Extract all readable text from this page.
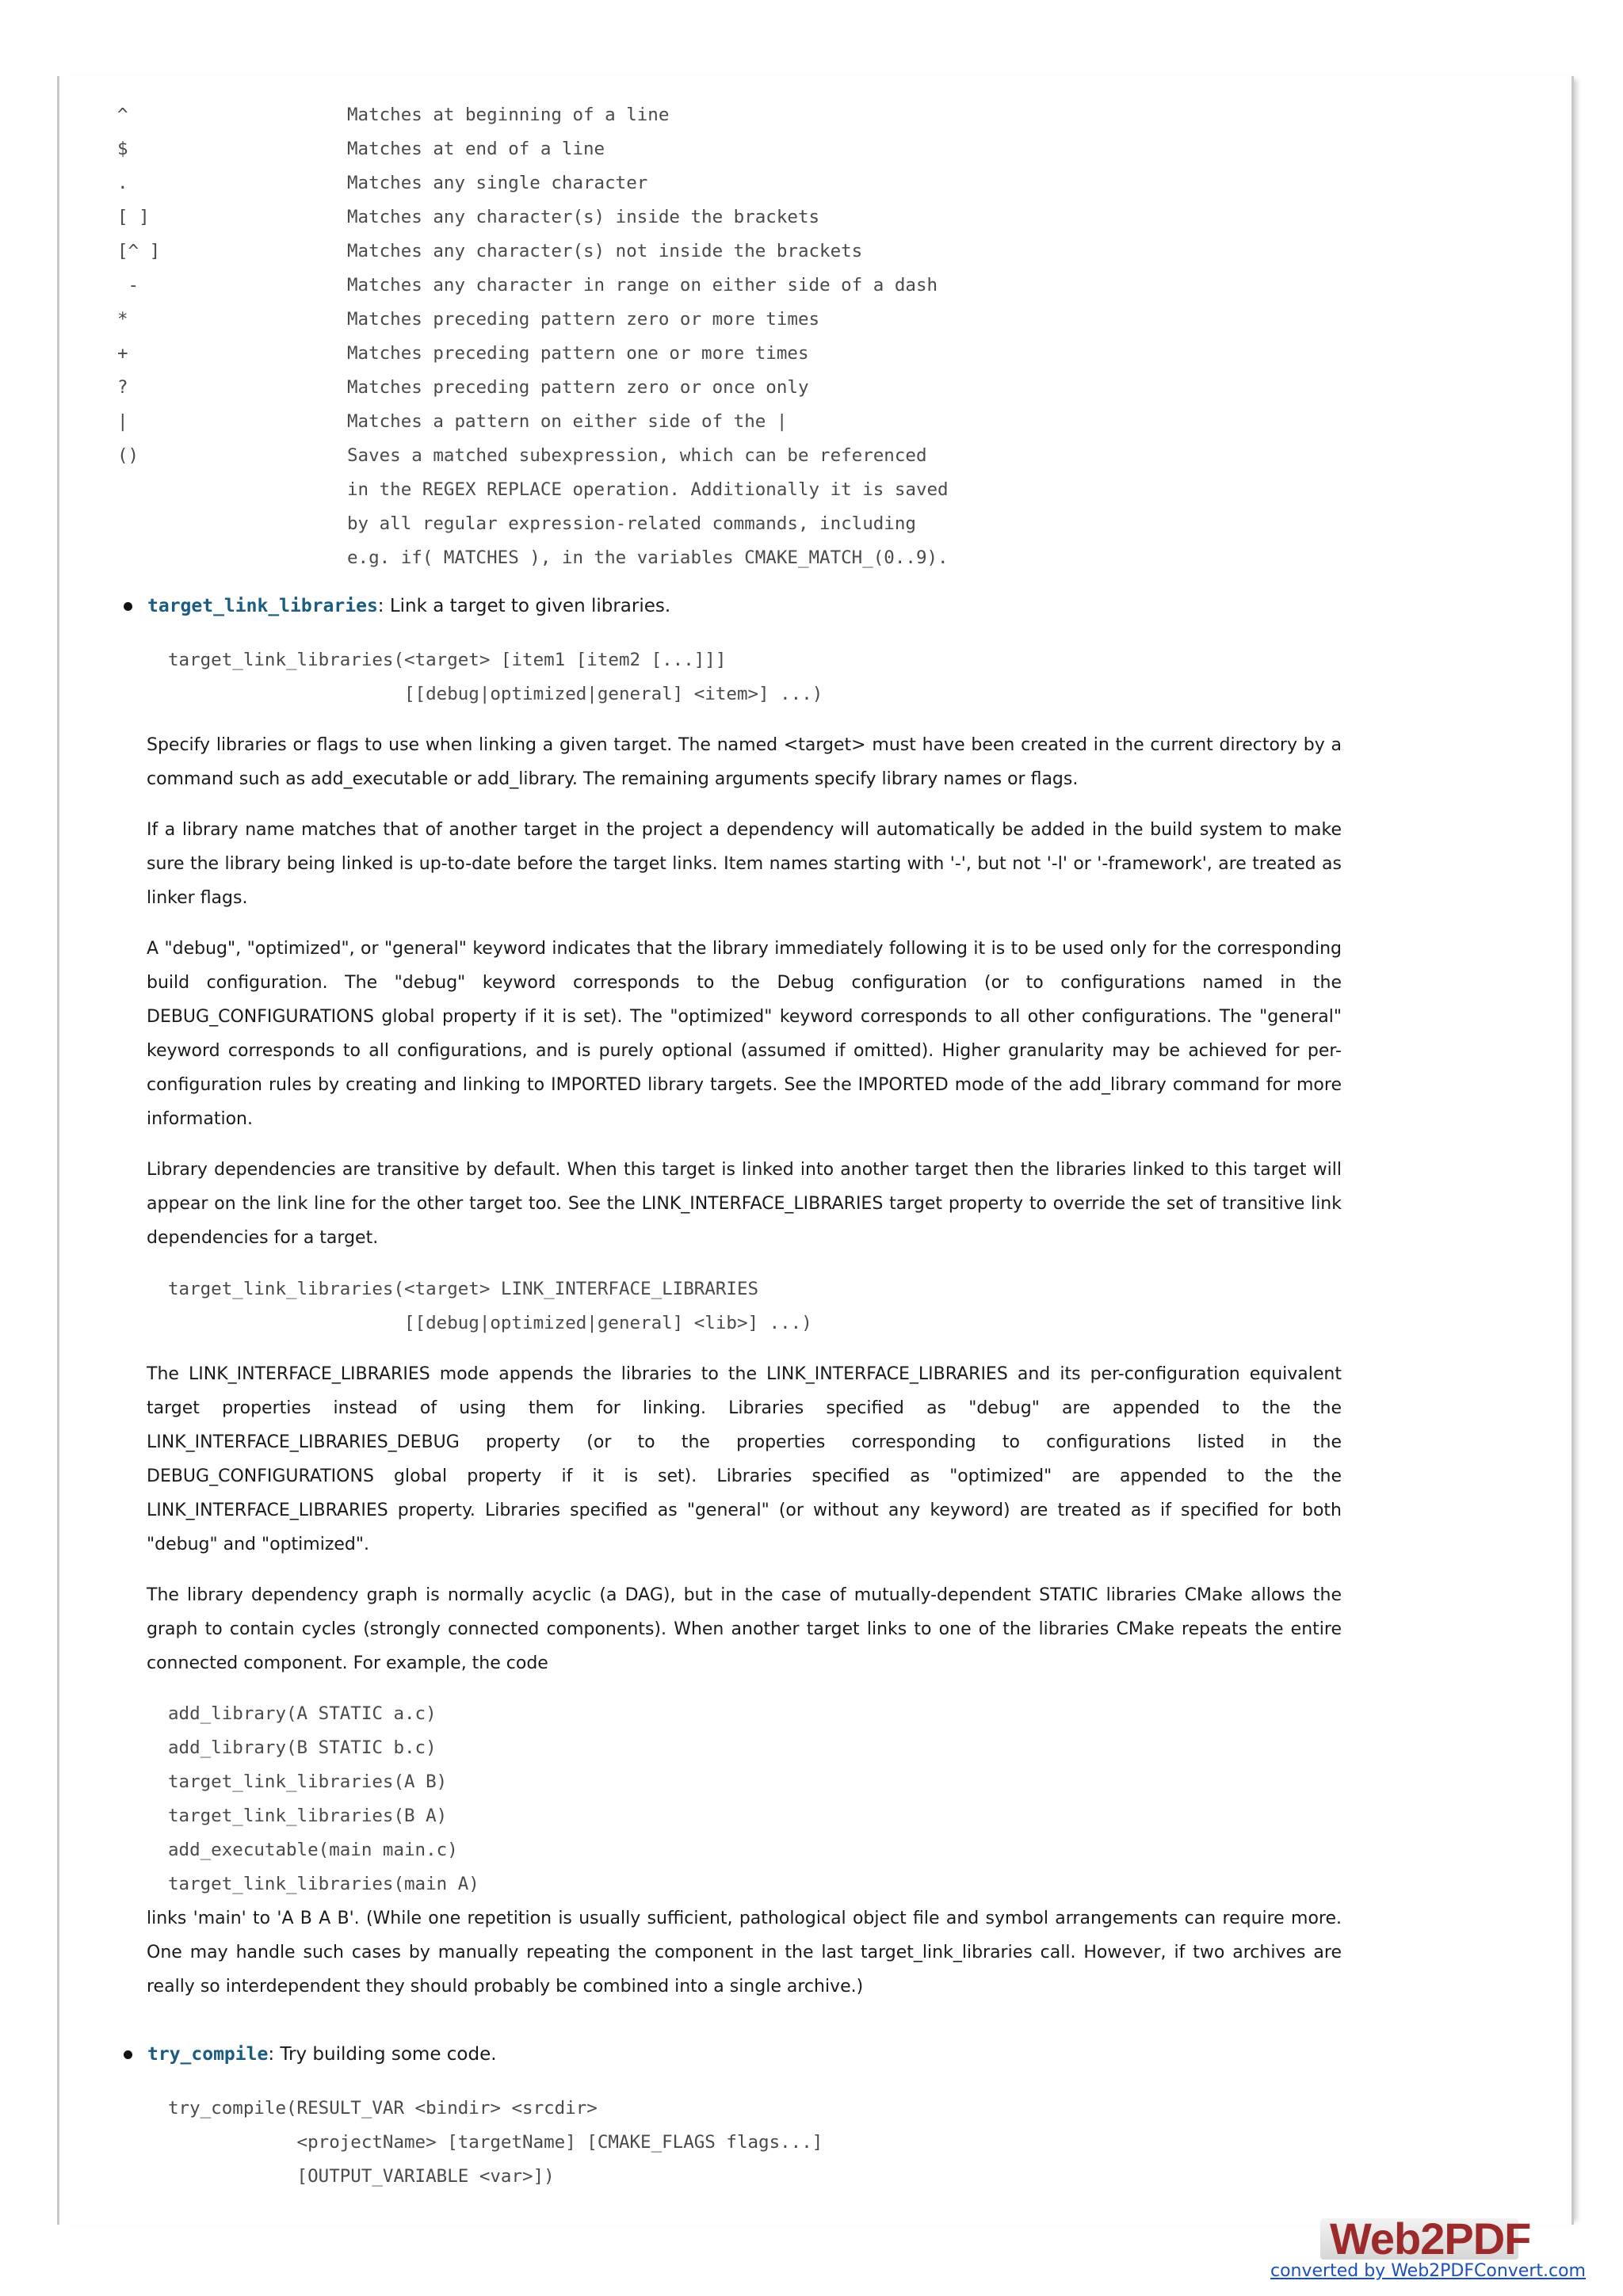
^	Matches at beginning of a line
$	Matches at end of a line
.	Matches any single character
[ ]	Matches any character(s) inside the brackets
[^ ]	Matches any character(s) not inside the brackets
-	Matches any character in range on either side of a dash
*	Matches preceding pattern zero or more times
+	Matches preceding pattern one or more times
?	Matches preceding pattern zero or once only
|	Matches a pattern on either side of the |
()	Saves a matched subexpression, which can be referenced
in the REGEX REPLACE operation. Additionally it is saved
by all regular expression-related commands, including
e.g. if( MATCHES ), in the variables CMAKE_MATCH_(0..9).
target_link_libraries: Link a target to given libraries.
target_link_libraries(<target> [item1 [item2 [...]]]
[[debug|optimized|general] <item>] ...)
Specify libraries or flags to use when linking a given target. The named <target> must have been created in the current directory by a command such as add_executable or add_library. The remaining arguments specify library names or flags.
If a library name matches that of another target in the project a dependency will automatically be added in the build system to make sure the library being linked is up-to-date before the target links. Item names starting with '-', but not '-l' or '-framework', are treated as linker flags.
A "debug", "optimized", or "general" keyword indicates that the library immediately following it is to be used only for the corresponding build configuration. The "debug" keyword corresponds to the Debug configuration (or to configurations named in the DEBUG_CONFIGURATIONS global property if it is set). The "optimized" keyword corresponds to all other configurations. The "general" keyword corresponds to all configurations, and is purely optional (assumed if omitted). Higher granularity may be achieved for per-configuration rules by creating and linking to IMPORTED library targets. See the IMPORTED mode of the add_library command for more information.
Library dependencies are transitive by default. When this target is linked into another target then the libraries linked to this target will appear on the link line for the other target too. See the LINK_INTERFACE_LIBRARIES target property to override the set of transitive link dependencies for a target.
target_link_libraries(<target> LINK_INTERFACE_LIBRARIES
[[debug|optimized|general] <lib>] ...)
The LINK_INTERFACE_LIBRARIES mode appends the libraries to the LINK_INTERFACE_LIBRARIES and its per-configuration equivalent target properties instead of using them for linking. Libraries specified as "debug" are appended to the the LINK_INTERFACE_LIBRARIES_DEBUG property (or to the properties corresponding to configurations listed in the DEBUG_CONFIGURATIONS global property if it is set). Libraries specified as "optimized" are appended to the the LINK_INTERFACE_LIBRARIES property. Libraries specified as "general" (or without any keyword) are treated as if specified for both "debug" and "optimized".
The library dependency graph is normally acyclic (a DAG), but in the case of mutually-dependent STATIC libraries CMake allows the graph to contain cycles (strongly connected components). When another target links to one of the libraries CMake repeats the entire connected component. For example, the code
add_library(A STATIC a.c)
add_library(B STATIC b.c)
target_link_libraries(A B)
target_link_libraries(B A)
add_executable(main main.c)
target_link_libraries(main A)
links 'main' to 'A B A B'. (While one repetition is usually sufficient, pathological object file and symbol arrangements can require more. One may handle such cases by manually repeating the component in the last target_link_libraries call. However, if two archives are really so interdependent they should probably be combined into a single archive.)
try_compile: Try building some code.
try_compile(RESULT_VAR <bindir> <srcdir>
<projectName> [targetName] [CMAKE_FLAGS flags...]
[OUTPUT_VARIABLE <var>])
Web2PDF
converted by Web2PDFConvert.com
